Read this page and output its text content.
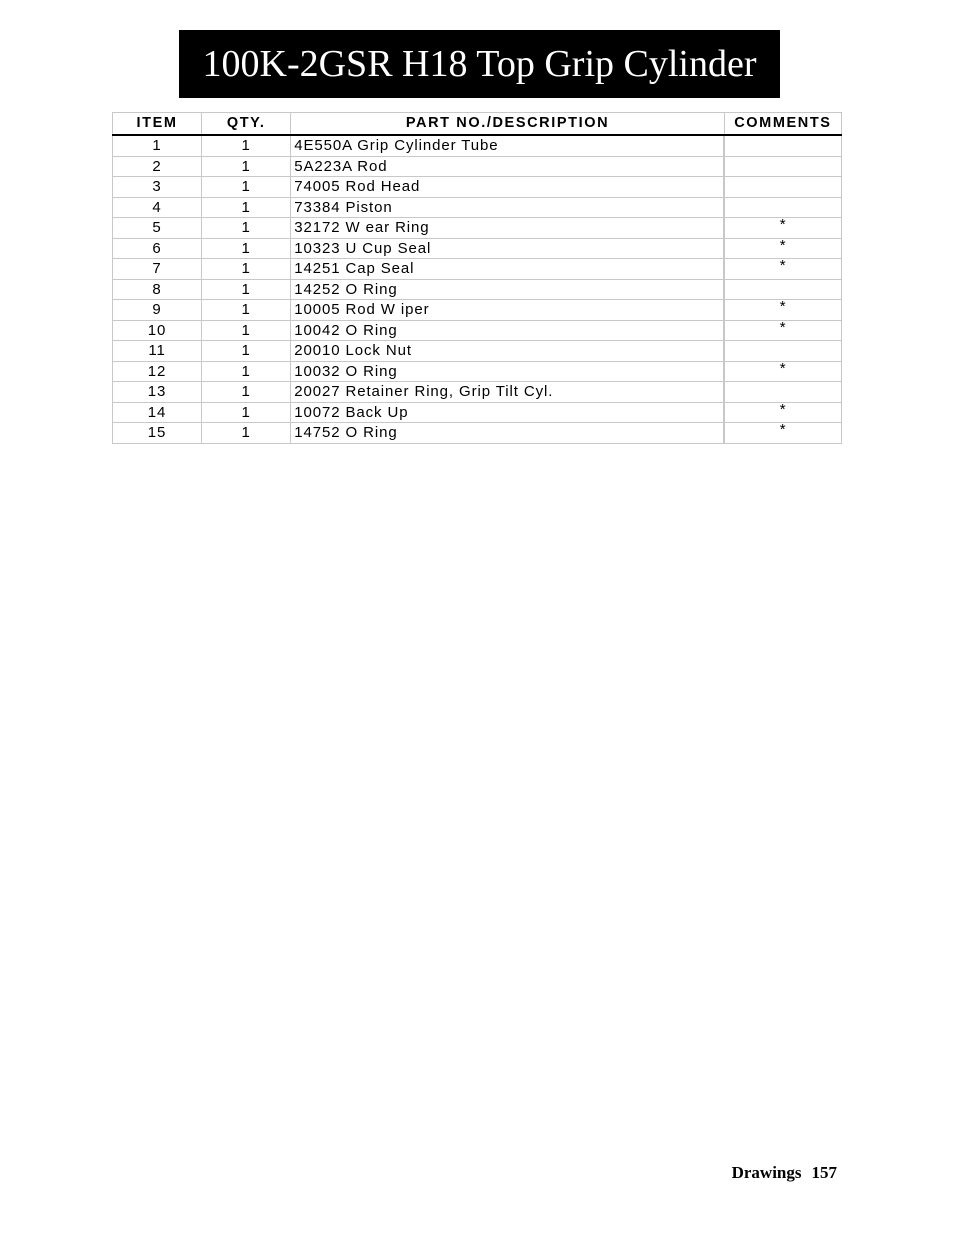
100K-2GSR H18 Top Grip Cylinder
ITEM	QTY.	PART NO./DESCRIPTION	COMMENTS
1	1	4E550A Grip Cylinder Tube	
2	1	5A223A Rod	
3	1	74005 Rod Head	
4	1	73384 Piston	
5	1	32172 W ear Ring	*
6	1	10323 U Cup Seal	*
7	1	14251 Cap Seal	*
8	1	14252 O Ring	
9	1	10005 Rod W iper	*
10	1	10042 O Ring	*
11	1	20010 Lock Nut	
12	1	10032 O Ring	*
13	1	20027 Retainer Ring, Grip Tilt Cyl.	
14	1	10072 Back Up	*
15	1	14752 O Ring	*
Drawings 157
